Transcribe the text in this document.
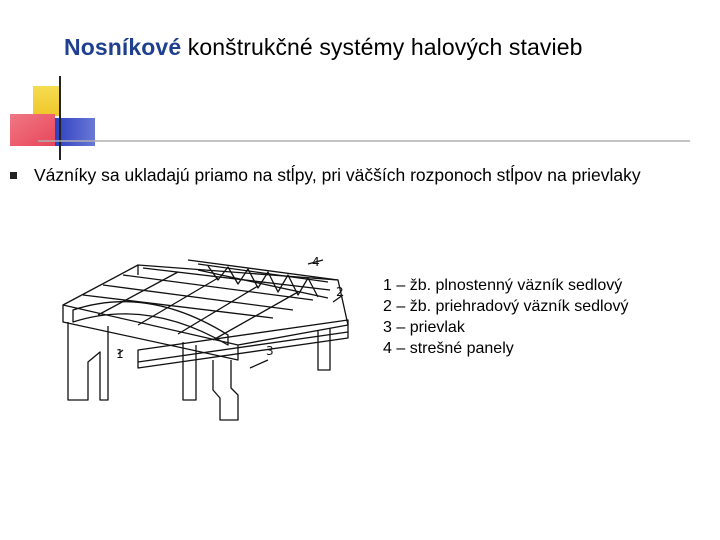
Nosníkové konštrukčné systémy halových stavieb
Vázníky sa ukladajú priamo na stĺpy, pri väčších rozponoch stĺpov na prievlaky
1
2
3
4
1 – žb. plnostenný väzník sedlový
2 – žb. priehradový väzník sedlový
3 – prievlak
4 – strešné panely
